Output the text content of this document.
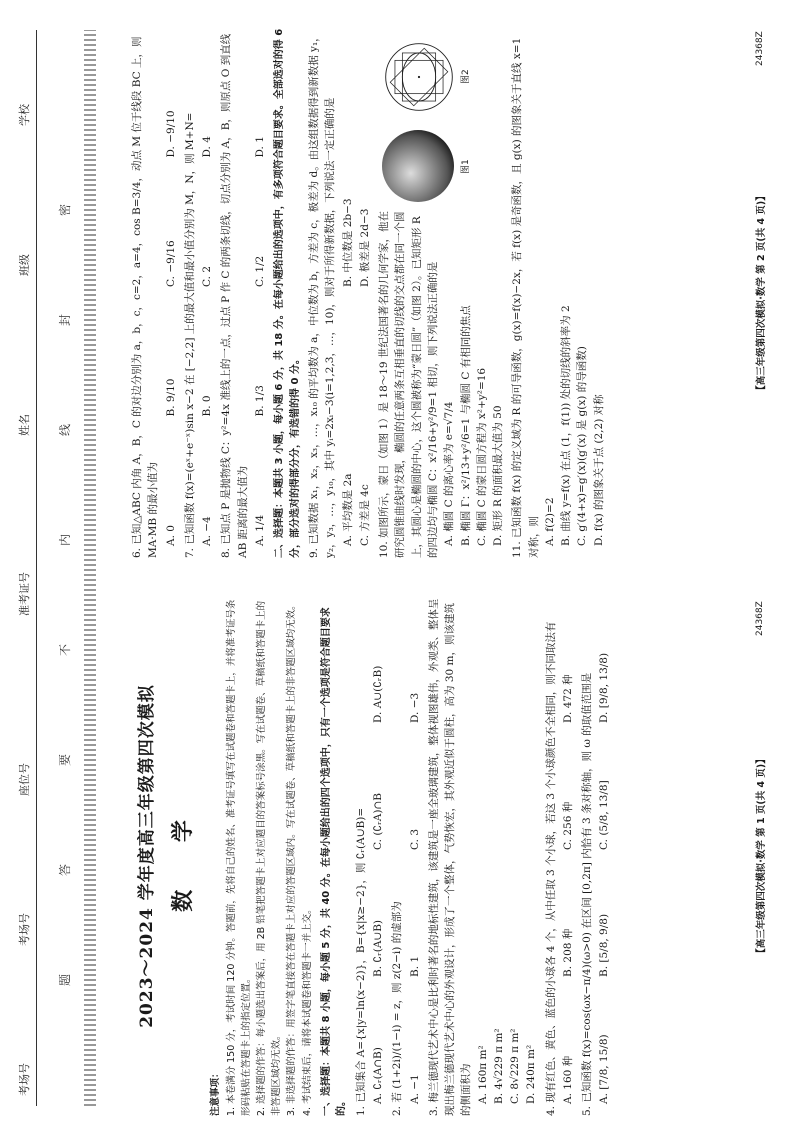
学校
班级
姓名
准考证号
座位号
考场号
考场号
题
答
要
不
内
线
封
密
2023～2024 学年度高三年级第四次模拟 数 学
注意事项： 1. 本卷满分 150 分，考试时间 120 分钟。答题前，先将自己的姓名、准考证号填写在试题卷和答题卡上，并将准考证号条形码粘贴在答题卡上的指定位置。 2. 选择题的作答：每小题选出答案后，用 2B 铅笔把答题卡上对应题目的答案标号涂黑。写在试题卷、草稿纸和答题卡上的非答题区域均无效。 3. 非选择题的作答：用签字笔直接答在答题卡上对应的答题区域内。写在试题卷、草稿纸和答题卡上的非答题区域均无效。 4. 考试结束后，请将本试题卷和答题卡一并上交。 一、选择题：本题共 8 小题，每小题 5 分，共 40 分。在每小题给出的四个选项中，只有一个选项是符合题目要求的。 1. 已知集合 A={x|y=ln(x−2)}，B={x|x≥−2}，则 ∁ᵣ(A∪B)= A. ∁ᵣ(A∩B)
B. ∁ᵣ(A∪B)
C. (∁ᵣA)∩B
D. A∪(∁ᵣB)
2. 若 (1+2i)/(1−i) = z，则 z(2−i) 的虚部为 A. −1
B. 1
C. 3
D. −3 3. 梅兰德现代艺术中心是比利时著名的地标性建筑，该建筑是一座全玻璃建筑，整体视图雄伟，外观类、整体呈现出梅兰德现代艺术中心的外观设计，形成了一个整体，气势恢宏，其外观近似于圆柱，高为 30 m，则该建筑的侧面积为 A. 160π m² B. 4√229 π m² C. 8√229 π m² D. 240π m² 4. 现有红色、黄色、蓝色的小球各 4 个，从中任取 3 个小球，若这 3 个小球颜色不全相同，则不同取法有 A. 160 种
B. 208 种
C. 256 种
D. 472 种 5. 已知函数 f(x)=cos(ωx−π/4)(ω>0) 在区间 [0,2π] 内恰有 3 条对称轴，则 ω 的取值范围是 A. [7/8, 15/8)
B. [5/8, 9/8)
C. (5/8, 13/8]
D. [9/8, 13/8)
【高三年级第四次模拟·数学 第 1 页(共 4 页)】
24368Z
6. 已知△ABC 内角 A，B，C 的对边分别为 a，b，c，c=2，a=4，cos B=3/4，动点 M 位于线段 BC 上，则 MA·MB 的最小值为 A. 0
B. 9/10
C. −9/16
D. −9/10 7. 已知函数 f(x)=(eˣ+e⁻ˣ)sin x−2 在 [−2,2] 上的最大值和最小值分别为 M，N，则 M+N= A. −4
B. 0
C. 2
D. 4 8. 已知点 P 是抛物线 C：y²=4x 准线上的一点，过点 P 作 C 的两条切线，切点分别为 A，B，则原点 O 到直线 AB 距离的最大值为 A. 1/4
B. 1/3
C. 1/2
D. 1 二、选择题：本题共 3 小题，每小题 6 分，共 18 分。在每小题给出的选项中，有多项符合题目要求。全部选对的得 6 分，部分选对的得部分分，有选错的得 0 分。 9. 已知数据 x₁，x₂，x₃，…，x₁₀ 的平均数为 a，中位数为 b，方差为 c，极差为 d。由这组数据得到新数据 y₁，y₂，y₃，…，y₁₀，其中 yᵢ=2xᵢ−3(i=1,2,3，…，10)，则对于所得新数据，下列说法一定正确的是 A. 平均数是 2a
B. 中位数是 2b−3
C. 方差是 4c
D. 极差是 2d−3 10. 如图所示，蒙日（如图 1）是 18～19 世纪法国著名的几何学家，他在研究圆锥曲线时发现，椭圆的任意两条互相垂直的切线的交点都在同一个圆上，其圆心是椭圆的中心，这个圆被称为“蒙日圆”（如图 2）。已知矩形 R 的四边均与椭圆 C：x²/16+y²/9=1 相切，则下列说法正确的是 A. 椭圆 C 的离心率为 e=√7/4 B. 椭圆 Γ：x²/13+y²/6=1 与椭圆 C 有相同的焦点 C. 椭圆 C 的蒙日圆方程为 x²+y²=16 D. 矩形 R 的面积最大值为 50
图1
图2	11. 已知函数 f(x) 的定义域为 R 的可导函数，g(x)=f(x)−2x，若 f(x) 是奇函数，且 g(x) 的图象关于直线 x=1 对称，则 A. f(2)=2 B. 曲线 y=f(x) 在点 (1，f(1)) 处的切线的斜率为 2 C. g′(4+x)=g′(x)(g′(x) 是 g(x) 的导函数) D. f(x) 的图象关于点 (2,2) 对称
【高三年级第四次模拟·数学 第 2 页(共 4 页)】
24368Z
